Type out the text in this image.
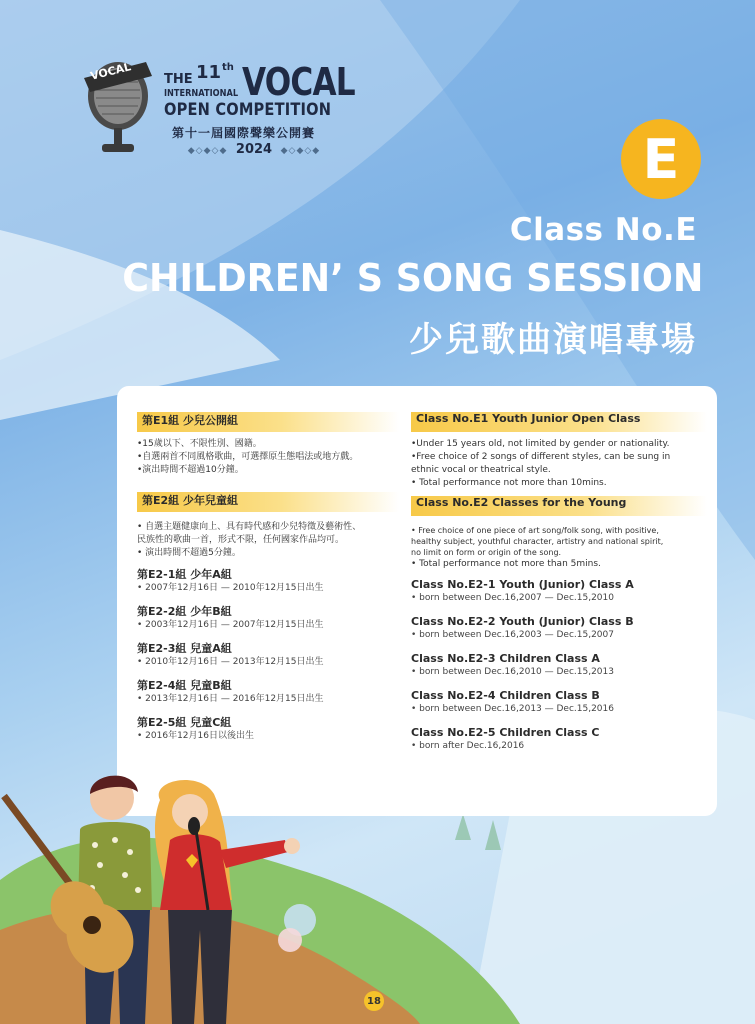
VOCAL THE 11 th VOCAL
INTERNATIONAL
OPEN COMPETITION
第十一屆國際聲樂公開賽
◆◇◆◇◆ 2024 ◆◇◆◇◆	E
Class No.E
CHILDREN’ S SONG SESSION
少兒歌曲演唱專場
第E1組 少兒公開組
•15歲以下、不限性別、國籍。
•自選兩首不同風格歌曲，可選擇原生態唱法或地方戲。
•演出時間不超過10分鐘。
第E2組 少年兒童組
• 自選主題健康向上、具有時代感和少兒特徵及藝術性、
民族性的歌曲一首，形式不限，任何國家作品均可。
• 演出時間不超過5分鐘。
第E2-1組 少年A組
• 2007年12月16日 — 2010年12月15日出生
第E2-2組 少年B組
• 2003年12月16日 — 2007年12月15日出生
第E2-3組 兒童A組
• 2010年12月16日 — 2013年12月15日出生
第E2-4組 兒童B組
• 2013年12月16日 — 2016年12月15日出生
第E2-5組 兒童C組
• 2016年12月16日以後出生
Class No.E1 Youth Junior Open Class
•Under 15 years old, not limited by gender or nationality.
•Free choice of 2 songs of different styles, can be sung in
ethnic vocal or theatrical style.
• Total performance not more than 10mins.
Class No.E2 Classes for the Young
• Free choice of one piece of art song/folk song, with positive,
healthy subject, youthful character, artistry and national spirit,
no limit on form or origin of the song.
• Total performance not more than 5mins.
Class No.E2-1 Youth (Junior) Class A
• born between Dec.16,2007 — Dec.15,2010
Class No.E2-2 Youth (Junior) Class B
• born between Dec.16,2003 — Dec.15,2007
Class No.E2-3 Children Class A
• born between Dec.16,2010 — Dec.15,2013
Class No.E2-4 Children Class B
• born between Dec.16,2013 — Dec.15,2016
Class No.E2-5 Children Class C
• born after Dec.16,2016
18
